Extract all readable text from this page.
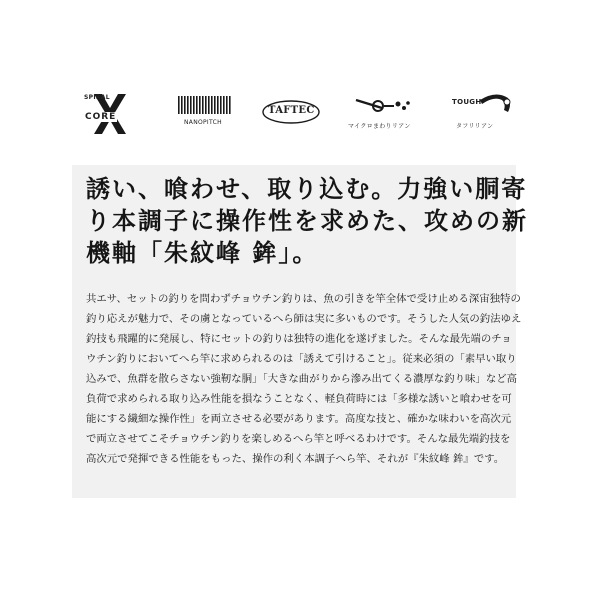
SPIRAL
CORE
NANOPITCH
TAFTEC
マイクロまわりリアン
TOUGH
タフリリアン
誘い、喰わせ、取り込む。力強い胴寄
り本調子に操作性を求めた、攻めの新
機軸「朱紋峰 鉾」。

共エサ、セットの釣りを問わずチョウチン釣りは、魚の引きを竿全体で受け止める深宙独特の
釣り応えが魅力で、その虜となっているへら師は実に多いものです。そうした人気の釣法ゆえ
釣技も飛躍的に発展し、特にセットの釣りは独特の進化を遂げました。そんな最先端のチョ
ウチン釣りにおいてへら竿に求められるのは「誘えて引けること」。従来必須の「素早い取り
込みで、魚群を散らさない強靭な胴」「大きな曲がりから滲み出てくる濃厚な釣り味」など高
負荷で求められる取り込み性能を損なうことなく、軽負荷時には「多様な誘いと喰わせを可
能にする繊細な操作性」を両立させる必要があります。高度な技と、確かな味わいを高次元
で両立させてこそチョウチン釣りを楽しめるへら竿と呼べるわけです。そんな最先端釣技を
高次元で発揮できる性能をもった、操作の利く本調子へら竿、それが『朱紋峰 鉾』です。
